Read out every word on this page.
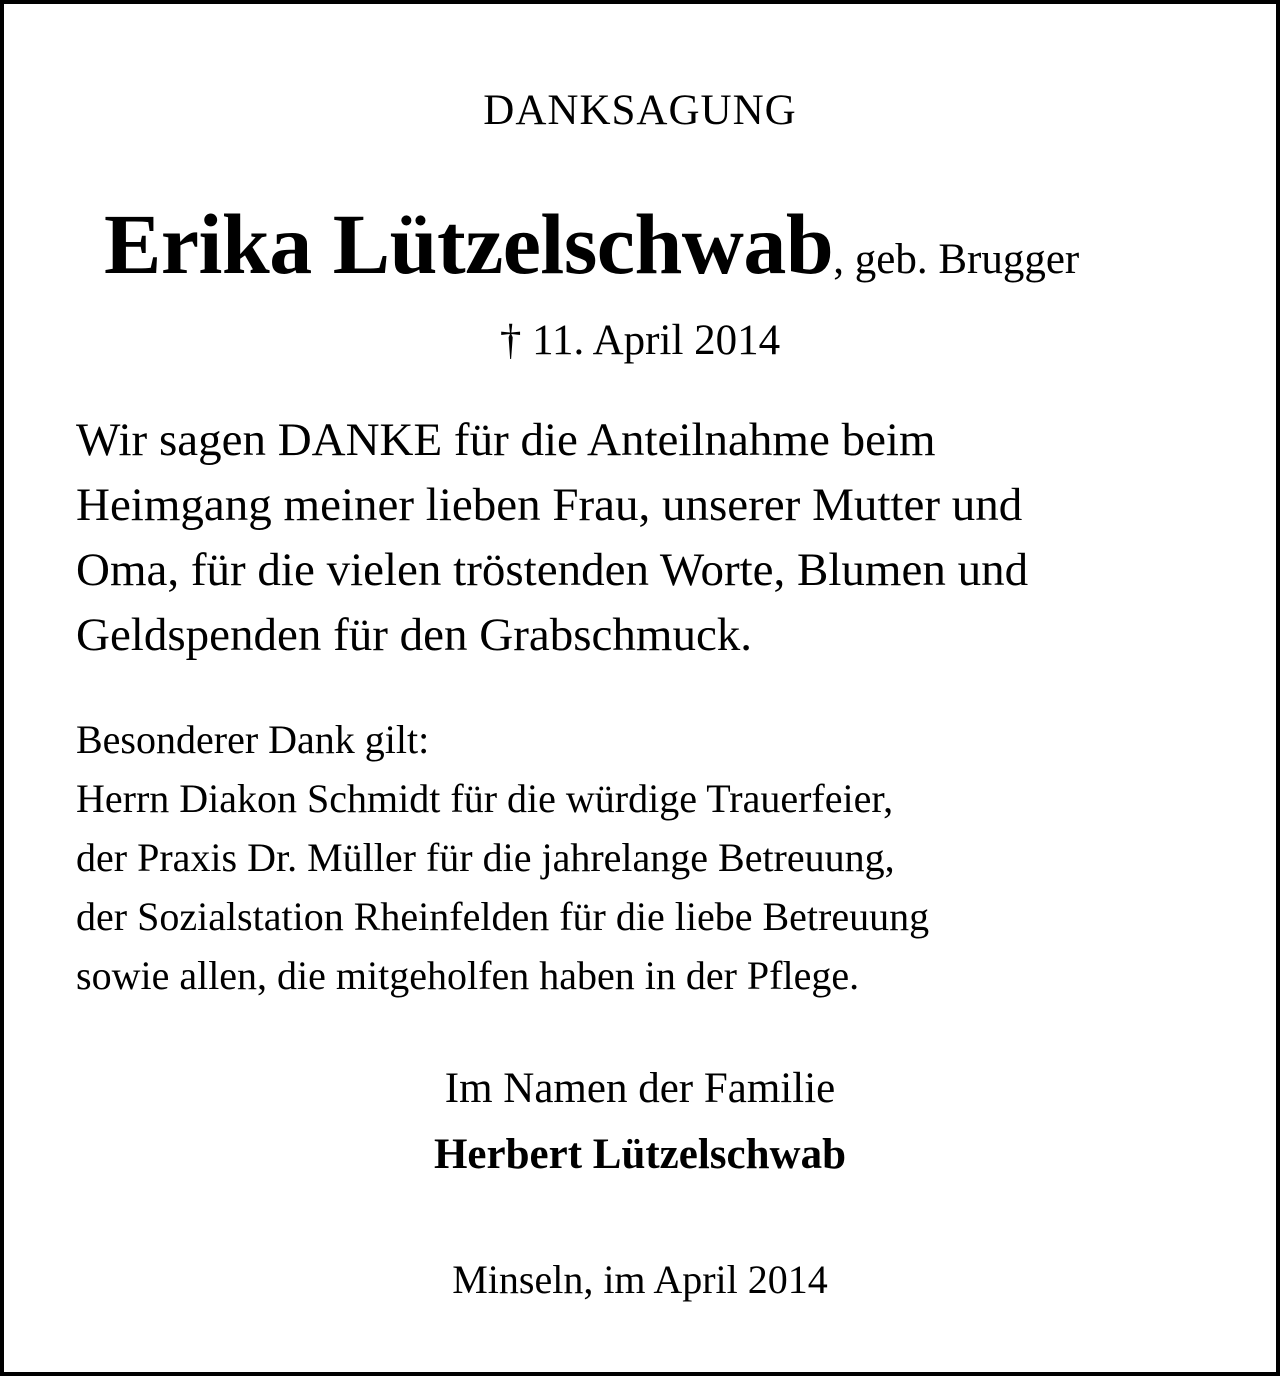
DANKSAGUNG
Erika Lützelschwab, geb. Brugger
† 11. April 2014
Wir sagen DANKE für die Anteilnahme beim
Heimgang meiner lieben Frau, unserer Mutter und
Oma, für die vielen tröstenden Worte, Blumen und
Geldspenden für den Grabschmuck.
Besonderer Dank gilt:
Herrn Diakon Schmidt für die würdige Trauerfeier,
der Praxis Dr. Müller für die jahrelange Betreuung,
der Sozialstation Rheinfelden für die liebe Betreuung
sowie allen, die mitgeholfen haben in der Pflege.
Im Namen der Familie
Herbert Lützelschwab
Minseln, im April 2014
